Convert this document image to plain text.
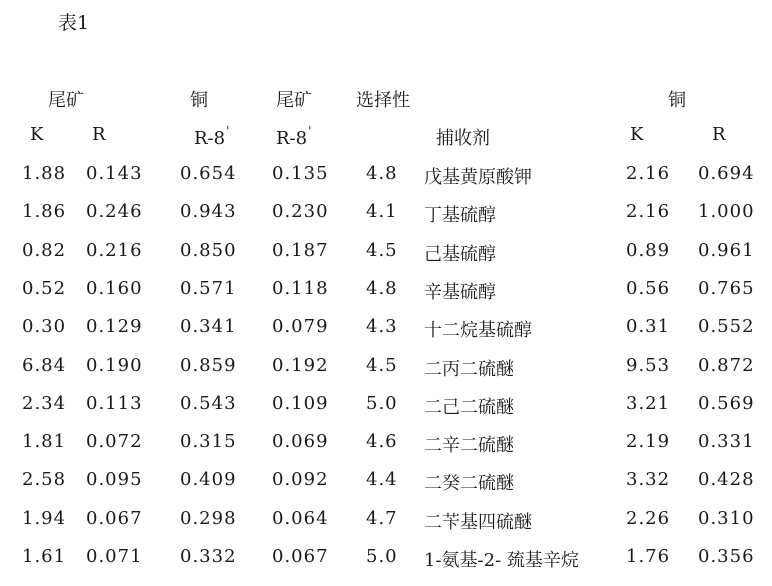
表1
尾矿	铜	尾矿 选择性	铜
K	R	R-8'	R-8'	捕收剂	K	R
1.88 0.143 0.654 0.135 4.8 戊基黄原酸钾	2.16 0.694
1.86 0.246 0.943 0.230 4.1 丁基硫醇	2.16 1.000
0.82 0.216 0.850 0.187 4.5 己基硫醇	0.89 0.961
0.52 0.160 0.571 0.118 4.8 辛基硫醇	0.56 0.765
0.30 0.129 0.341 0.079 4.3 十二烷基硫醇	0.31 0.552
6.84 0.190 0.859 0.192 4.5 二丙二硫醚	9.53 0.872
2.34 0.113 0.543 0.109 5.0 二己二硫醚	3.21 0.569
1.81 0.072 0.315 0.069 4.6 二辛二硫醚	2.19 0.331
2.58 0.095 0.409 0.092 4.4 二癸二硫醚	3.32 0.428
1.94 0.067 0.298 0.064 4.7 二苄基四硫醚	2.26 0.310
1.61 0.071 0.332 0.067 5.0 1-氨基-2- 巯基辛烷	1.76 0.356
